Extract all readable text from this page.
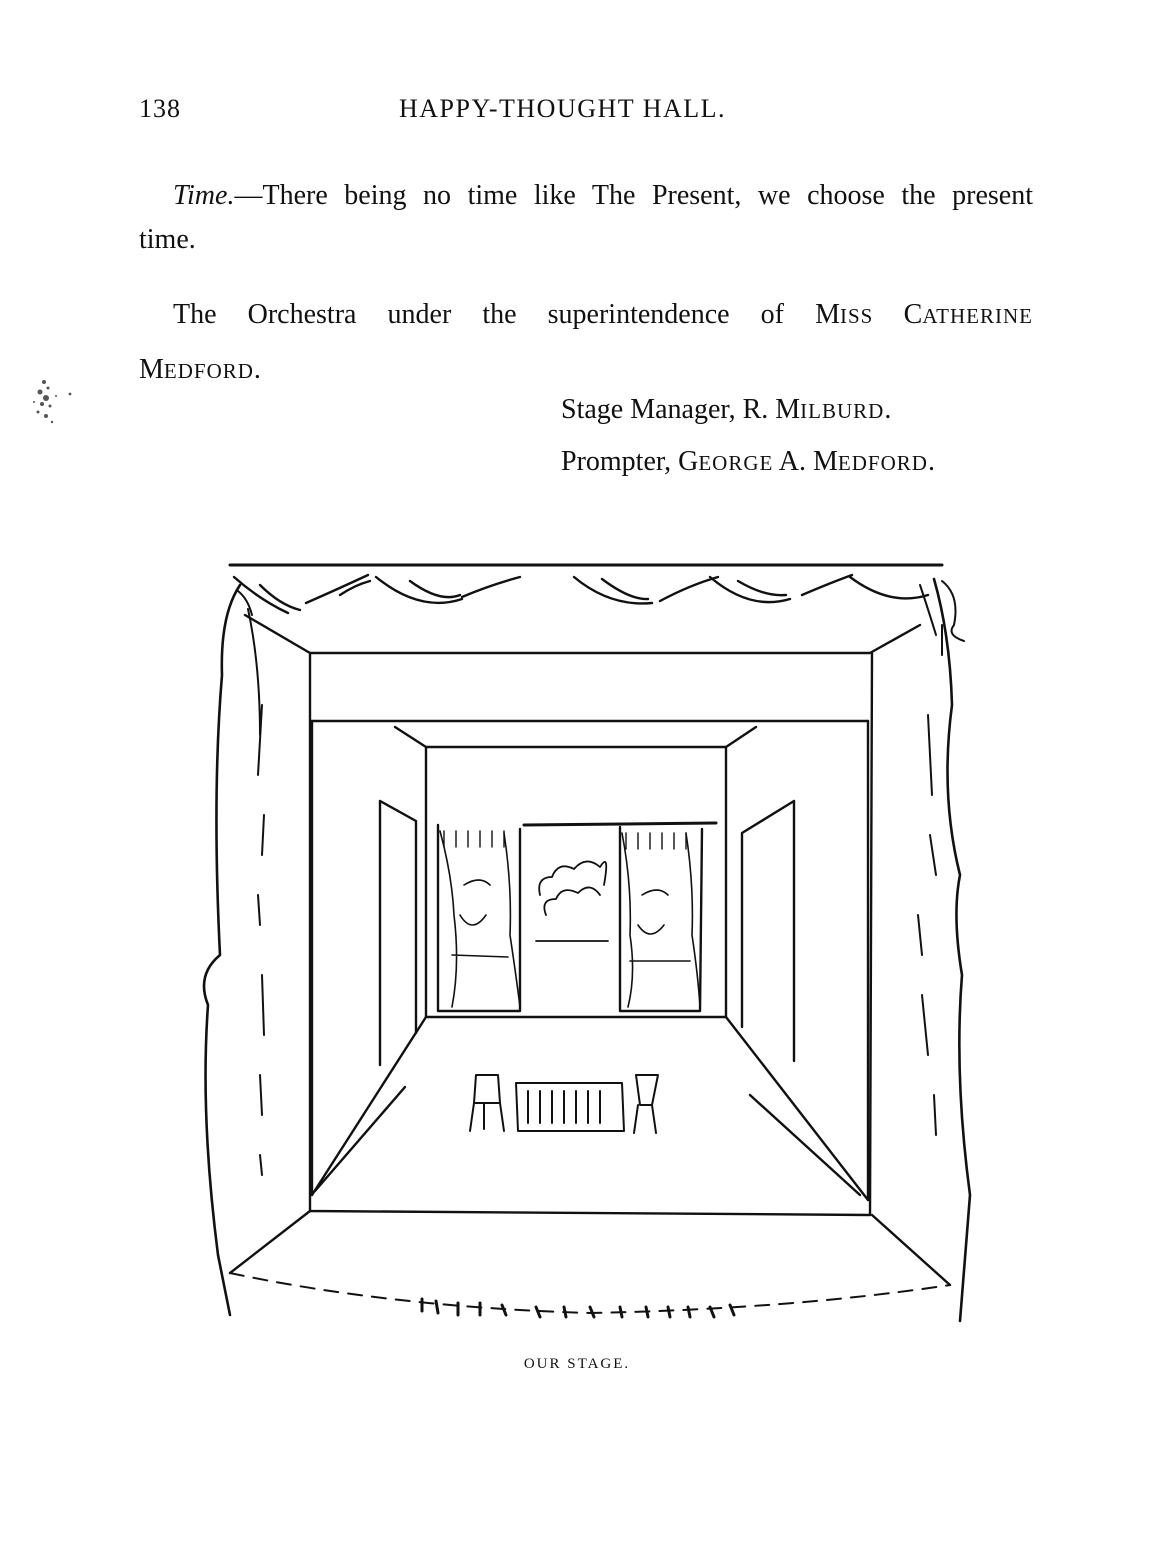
138	HAPPY-THOUGHT HALL.
Time.—There being no time like The Present, we choose the present time.
The Orchestra under the superintendence of MISS CATHERINE MEDFORD.
Stage Manager, R. MILBURD.
Prompter, GEORGE A. MEDFORD.
OUR STAGE.
